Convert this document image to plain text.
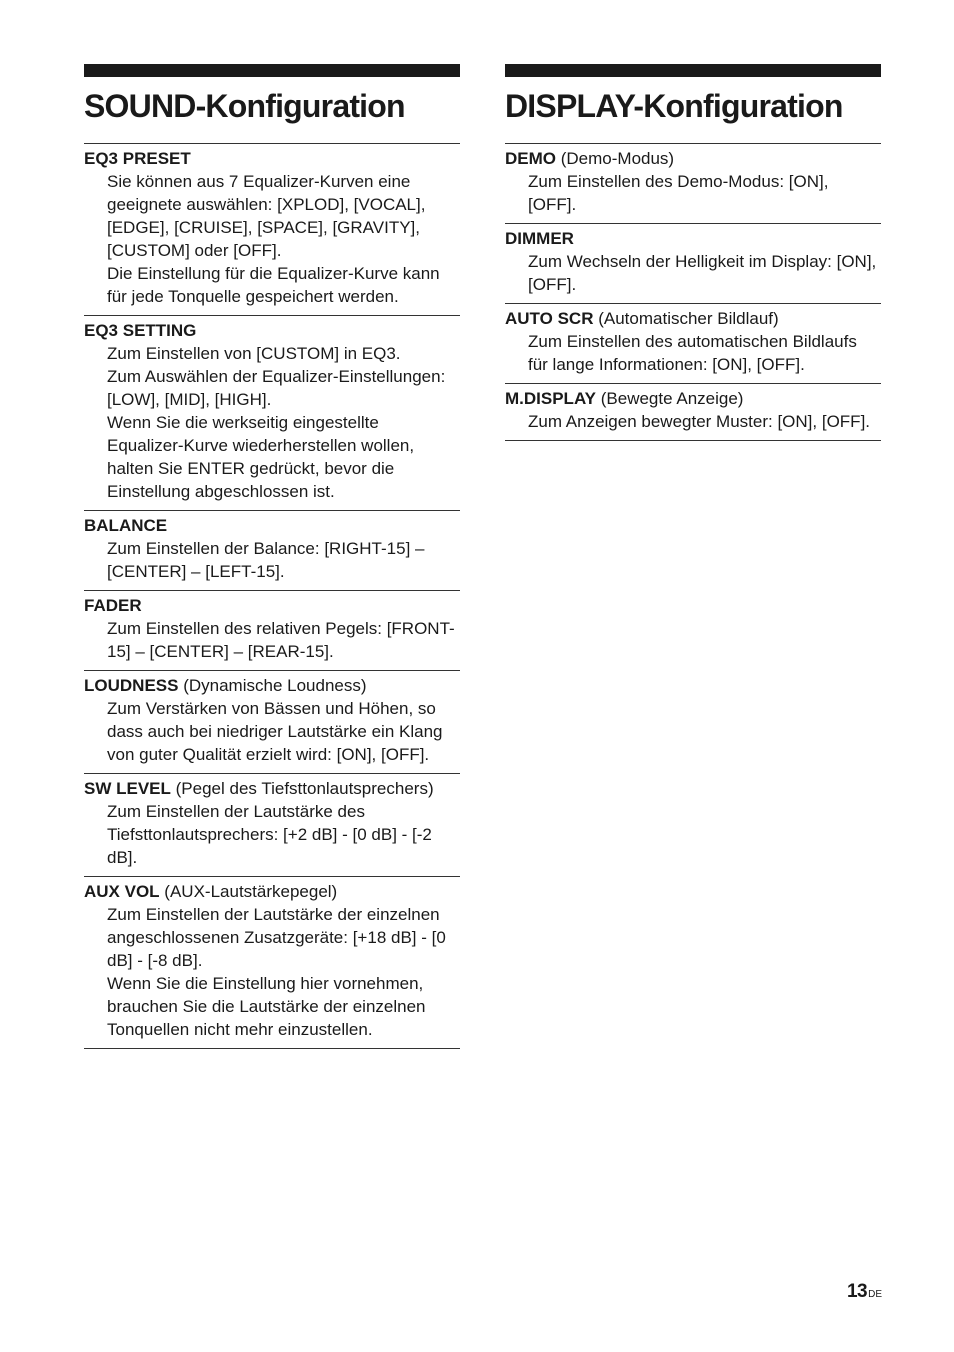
SOUND-Konfiguration
EQ3 PRESET

Sie können aus 7 Equalizer-Kurven eine geeignete auswählen: [XPLOD], [VOCAL], [EDGE], [CRUISE], [SPACE], [GRAVITY], [CUSTOM] oder [OFF].

Die Einstellung für die Equalizer-Kurve kann für jede Tonquelle gespeichert werden.

EQ3 SETTING

Zum Einstellen von [CUSTOM] in EQ3.

Zum Auswählen der Equalizer-Einstellungen: [LOW], [MID], [HIGH].

Wenn Sie die werkseitig eingestellte Equalizer-Kurve wiederherstellen wollen, halten Sie ENTER gedrückt, bevor die Einstellung abgeschlossen ist.

BALANCE

Zum Einstellen der Balance: [RIGHT-15] – [CENTER] – [LEFT-15].

FADER

Zum Einstellen des relativen Pegels: [FRONT-15] – [CENTER] – [REAR-15].

LOUDNESS (Dynamische Loudness)

Zum Verstärken von Bässen und Höhen, so dass auch bei niedriger Lautstärke ein Klang von guter Qualität erzielt wird: [ON], [OFF].

SW LEVEL (Pegel des Tiefsttonlautsprechers)

Zum Einstellen der Lautstärke des Tiefsttonlautsprechers: [+2 dB] - [0 dB] - [-2 dB].

AUX VOL (AUX-Lautstärkepegel)

Zum Einstellen der Lautstärke der einzelnen angeschlossenen Zusatzgeräte: [+18 dB] - [0 dB] - [-8 dB].

Wenn Sie die Einstellung hier vornehmen, brauchen Sie die Lautstärke der einzelnen Tonquellen nicht mehr einzustellen.

DISPLAY-Konfiguration
DEMO (Demo-Modus)

Zum Einstellen des Demo-Modus: [ON], [OFF].

DIMMER

Zum Wechseln der Helligkeit im Display: [ON], [OFF].

AUTO SCR (Automatischer Bildlauf)

Zum Einstellen des automatischen Bildlaufs für lange Informationen: [ON], [OFF].

M.DISPLAY (Bewegte Anzeige)

Zum Anzeigen bewegter Muster: [ON], [OFF].

13DE
